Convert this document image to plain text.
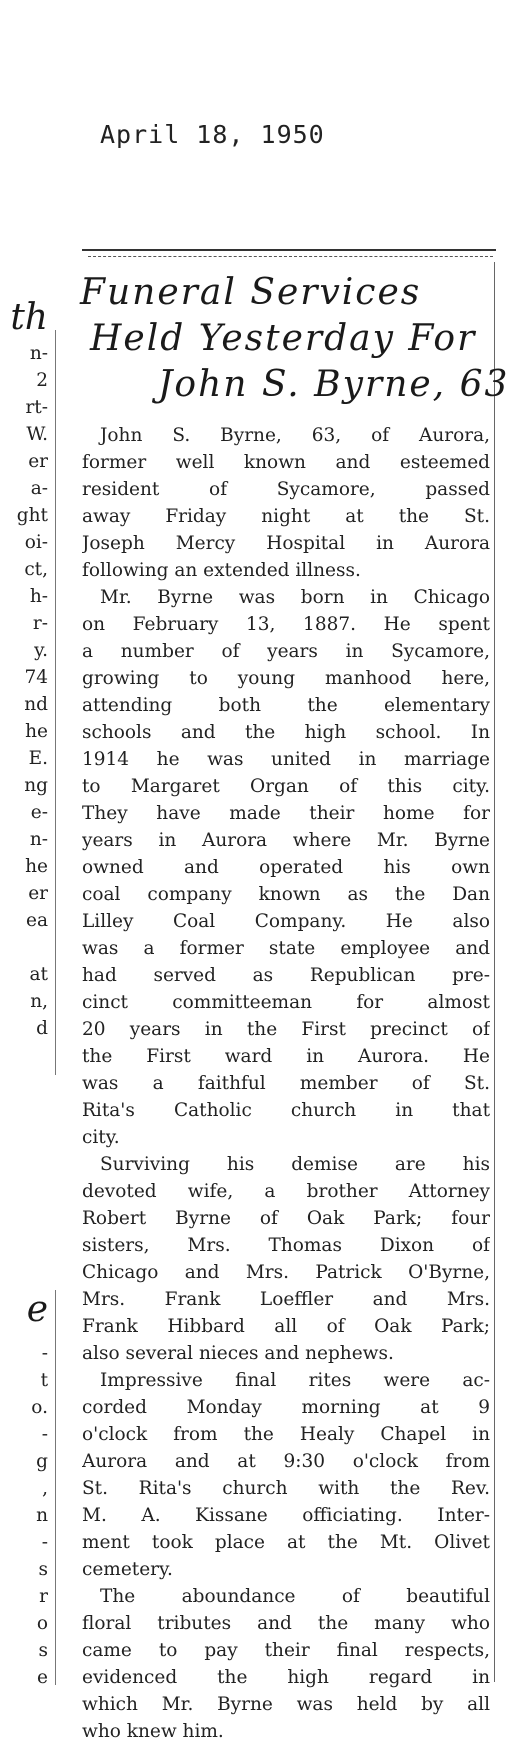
April 18, 1950
th
n-
2
rt-
W.
er
a-
ght
oi-
ct,
h-
r-
y.
74
nd
he
E.
ng
e-
n-
he
er
ea
at
n,
d
e
-
t
o.
-
g
,
n
-
s
r
o
s
e
Funeral Services
Held Yesterday For
John S. Byrne, 63

John S. Byrne, 63, of Aurora,
former well known and esteemed
resident of Sycamore, passed
away Friday night at the St.
Joseph Mercy Hospital in Aurora
following an extended illness.

Mr. Byrne was born in Chicago
on February 13, 1887. He spent
a number of years in Sycamore,
growing to young manhood here,
attending both the elementary
schools and the high school. In
1914 he was united in marriage
to Margaret Organ of this city.
They have made their home for
years in Aurora where Mr. Byrne
owned and operated his own
coal company known as the Dan
Lilley Coal Company. He also
was a former state employee and
had served as Republican pre-
cinct committeeman for almost
20 years in the First precinct of
the First ward in Aurora. He
was a faithful member of St.
Rita's Catholic church in that
city.

Surviving his demise are his
devoted wife, a brother Attorney
Robert Byrne of Oak Park; four
sisters, Mrs. Thomas Dixon of
Chicago and Mrs. Patrick O'Byrne,
Mrs. Frank Loeffler and Mrs.
Frank Hibbard all of Oak Park;
also several nieces and nephews.

Impressive final rites were ac-
corded Monday morning at 9
o'clock from the Healy Chapel in
Aurora and at 9:30 o'clock from
St. Rita's church with the Rev.
M. A. Kissane officiating. Inter-
ment took place at the Mt. Olivet
cemetery.

The aboundance of beautiful
floral tributes and the many who
came to pay their final respects,
evidenced the high regard in
which Mr. Byrne was held by all
who knew him.
